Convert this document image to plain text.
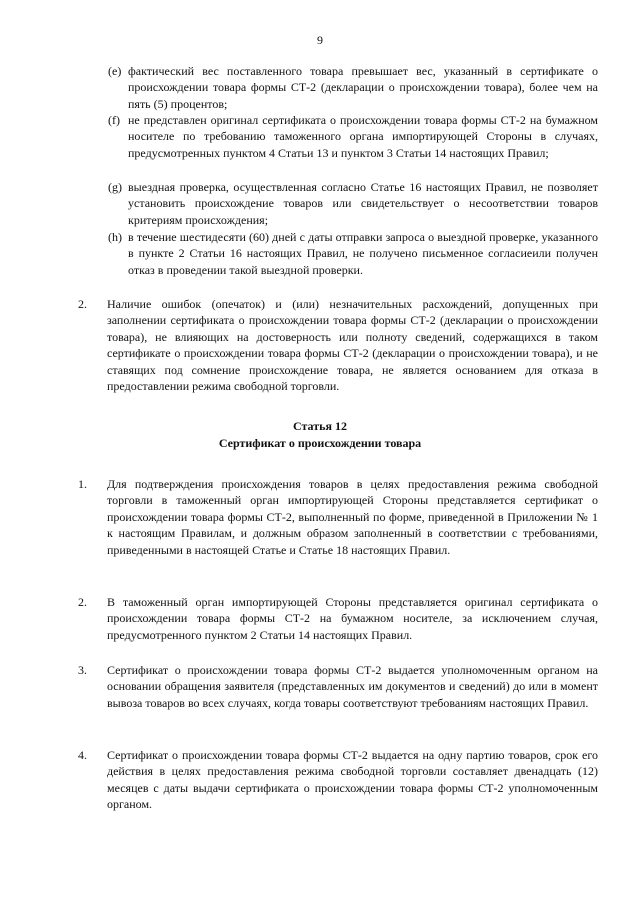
9
(e) фактический вес поставленного товара превышает вес, указанный в сертификате о происхождении товара формы СТ-2 (декларации о происхождении товара), более чем на пять (5) процентов;
(f) не представлен оригинал сертификата о происхождении товара формы СТ-2 на бумажном носителе по требованию таможенного органа импортирующей Стороны в случаях, предусмотренных пунктом 4 Статьи 13 и пунктом 3 Статьи 14 настоящих Правил;
(g) выездная проверка, осуществленная согласно Статье 16 настоящих Правил, не позволяет установить происхождение товаров или свидетельствует о несоответствии товаров критериям происхождения;
(h) в течение шестидесяти (60) дней с даты отправки запроса о выездной проверке, указанного в пункте 2 Статьи 16 настоящих Правил, не получено письменное согласиеили получен отказ в проведении такой выездной проверки.
2. Наличие ошибок (опечаток) и (или) незначительных расхождений, допущенных при заполнении сертификата о происхождении товара формы СТ-2 (декларации о происхождении товара), не влияющих на достоверность или полноту сведений, содержащихся в таком сертификате о происхождении товара формы СТ-2 (декларации о происхождении товара), и не ставящих под сомнение происхождение товара, не является основанием для отказа в предоставлении режима свободной торговли.
Статья 12
Сертификат о происхождении товара
1. Для подтверждения происхождения товаров в целях предоставления режима свободной торговли в таможенный орган импортирующей Стороны представляется сертификат о происхождении товара формы СТ-2, выполненный по форме, приведенной в Приложении № 1 к настоящим Правилам, и должным образом заполненный в соответствии с требованиями, приведенными в настоящей Статье и Статье 18 настоящих Правил.
2. В таможенный орган импортирующей Стороны представляется оригинал сертификата о происхождении товара формы СТ-2 на бумажном носителе, за исключением случая, предусмотренного пунктом 2 Статьи 14 настоящих Правил.
3. Сертификат о происхождении товара формы СТ-2 выдается уполномоченным органом на основании обращения заявителя (представленных им документов и сведений) до или в момент вывоза товаров во всех случаях, когда товары соответствуют требованиям настоящих Правил.
4. Сертификат о происхождении товара формы СТ-2 выдается на одну партию товаров, срок его действия в целях предоставления режима свободной торговли составляет двенадцать (12) месяцев с даты выдачи сертификата о происхождении товара формы СТ-2 уполномоченным органом.
